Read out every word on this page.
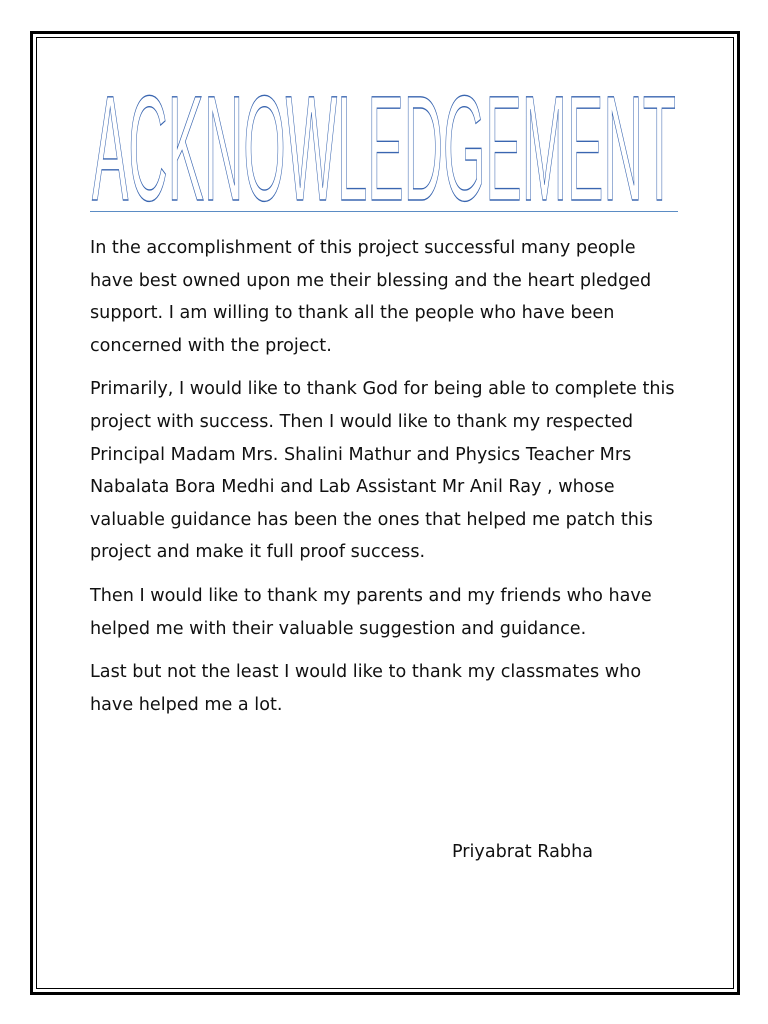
ACKNOWLEDGEMENT

In the accomplishment of this project successful many people have best owned upon me their blessing and the heart pledged support. I am willing to thank all the people who have been concerned with the project.

Primarily, I would like to thank God for being able to complete this project with success. Then I would like to thank my respected Principal Madam Mrs. Shalini Mathur and Physics Teacher Mrs Nabalata Bora Medhi and Lab Assistant Mr Anil Ray , whose valuable guidance has been the ones that helped me patch this project and make it full proof success.

Then I would like to thank my parents and my friends who have helped me with their valuable suggestion and guidance.

Last but not the least I would like to thank my classmates who have helped me a lot.

Priyabrat Rabha
